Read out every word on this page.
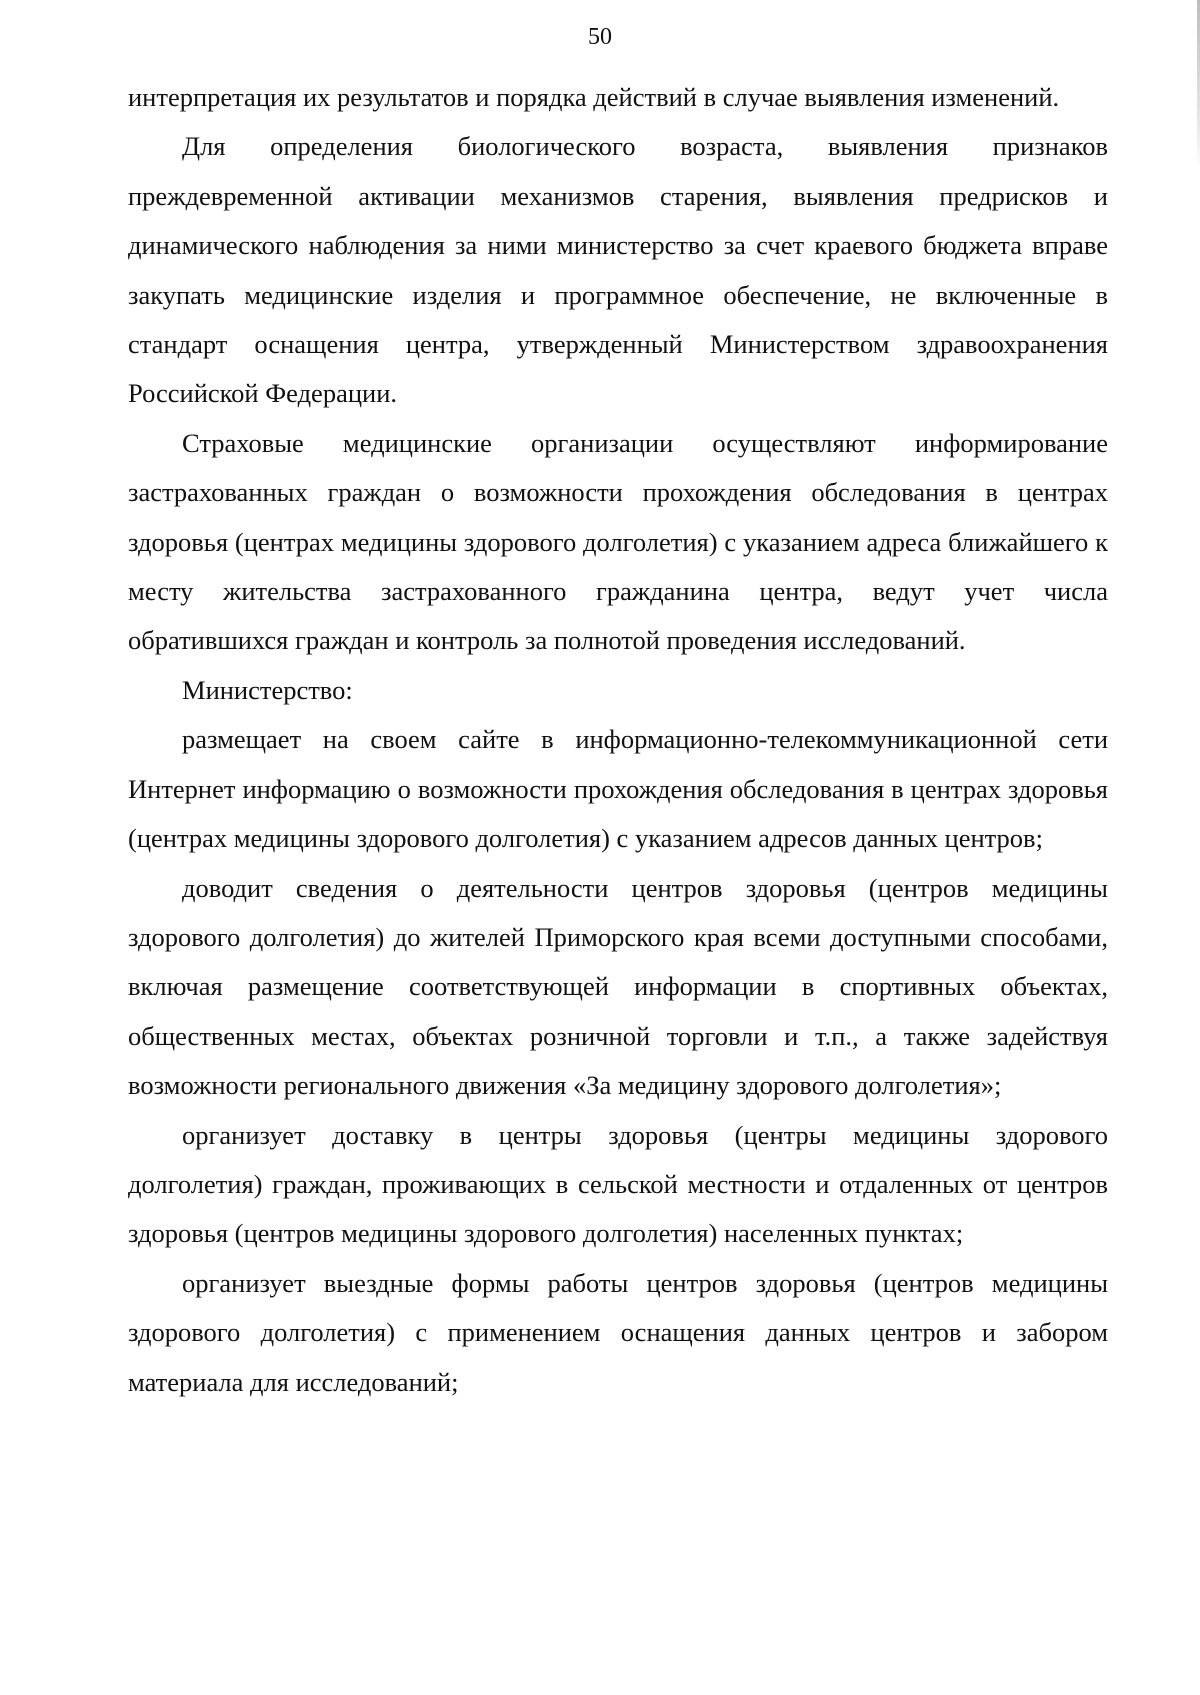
50

интерпретация их результатов и порядка действий в случае выявления изменений.

Для определения биологического возраста, выявления признаков преждевременной активации механизмов старения, выявления предрисков и динамического наблюдения за ними министерство за счет краевого бюджета вправе закупать медицинские изделия и программное обеспечение, не включенные в стандарт оснащения центра, утвержденный Министерством здравоохранения Российской Федерации.

Страховые медицинские организации осуществляют информирование застрахованных граждан о возможности прохождения обследования в центрах здоровья (центрах медицины здорового долголетия) с указанием адреса ближайшего к месту жительства застрахованного гражданина центра, ведут учет числа обратившихся граждан и контроль за полнотой проведения исследований.

Министерство:

размещает на своем сайте в информационно-телекоммуникационной сети Интернет информацию о возможности прохождения обследования в центрах здоровья (центрах медицины здорового долголетия) с указанием адресов данных центров;

доводит сведения о деятельности центров здоровья (центров медицины здорового долголетия) до жителей Приморского края всеми доступными способами, включая размещение соответствующей информации в спортивных объектах, общественных местах, объектах розничной торговли и т.п., а также задействуя возможности регионального движения «За медицину здорового долголетия»;

организует доставку в центры здоровья (центры медицины здорового долголетия) граждан, проживающих в сельской местности и отдаленных от центров здоровья (центров медицины здорового долголетия) населенных пунктах;

организует выездные формы работы центров здоровья (центров медицины здорового долголетия) с применением оснащения данных центров и забором материала для исследований;
